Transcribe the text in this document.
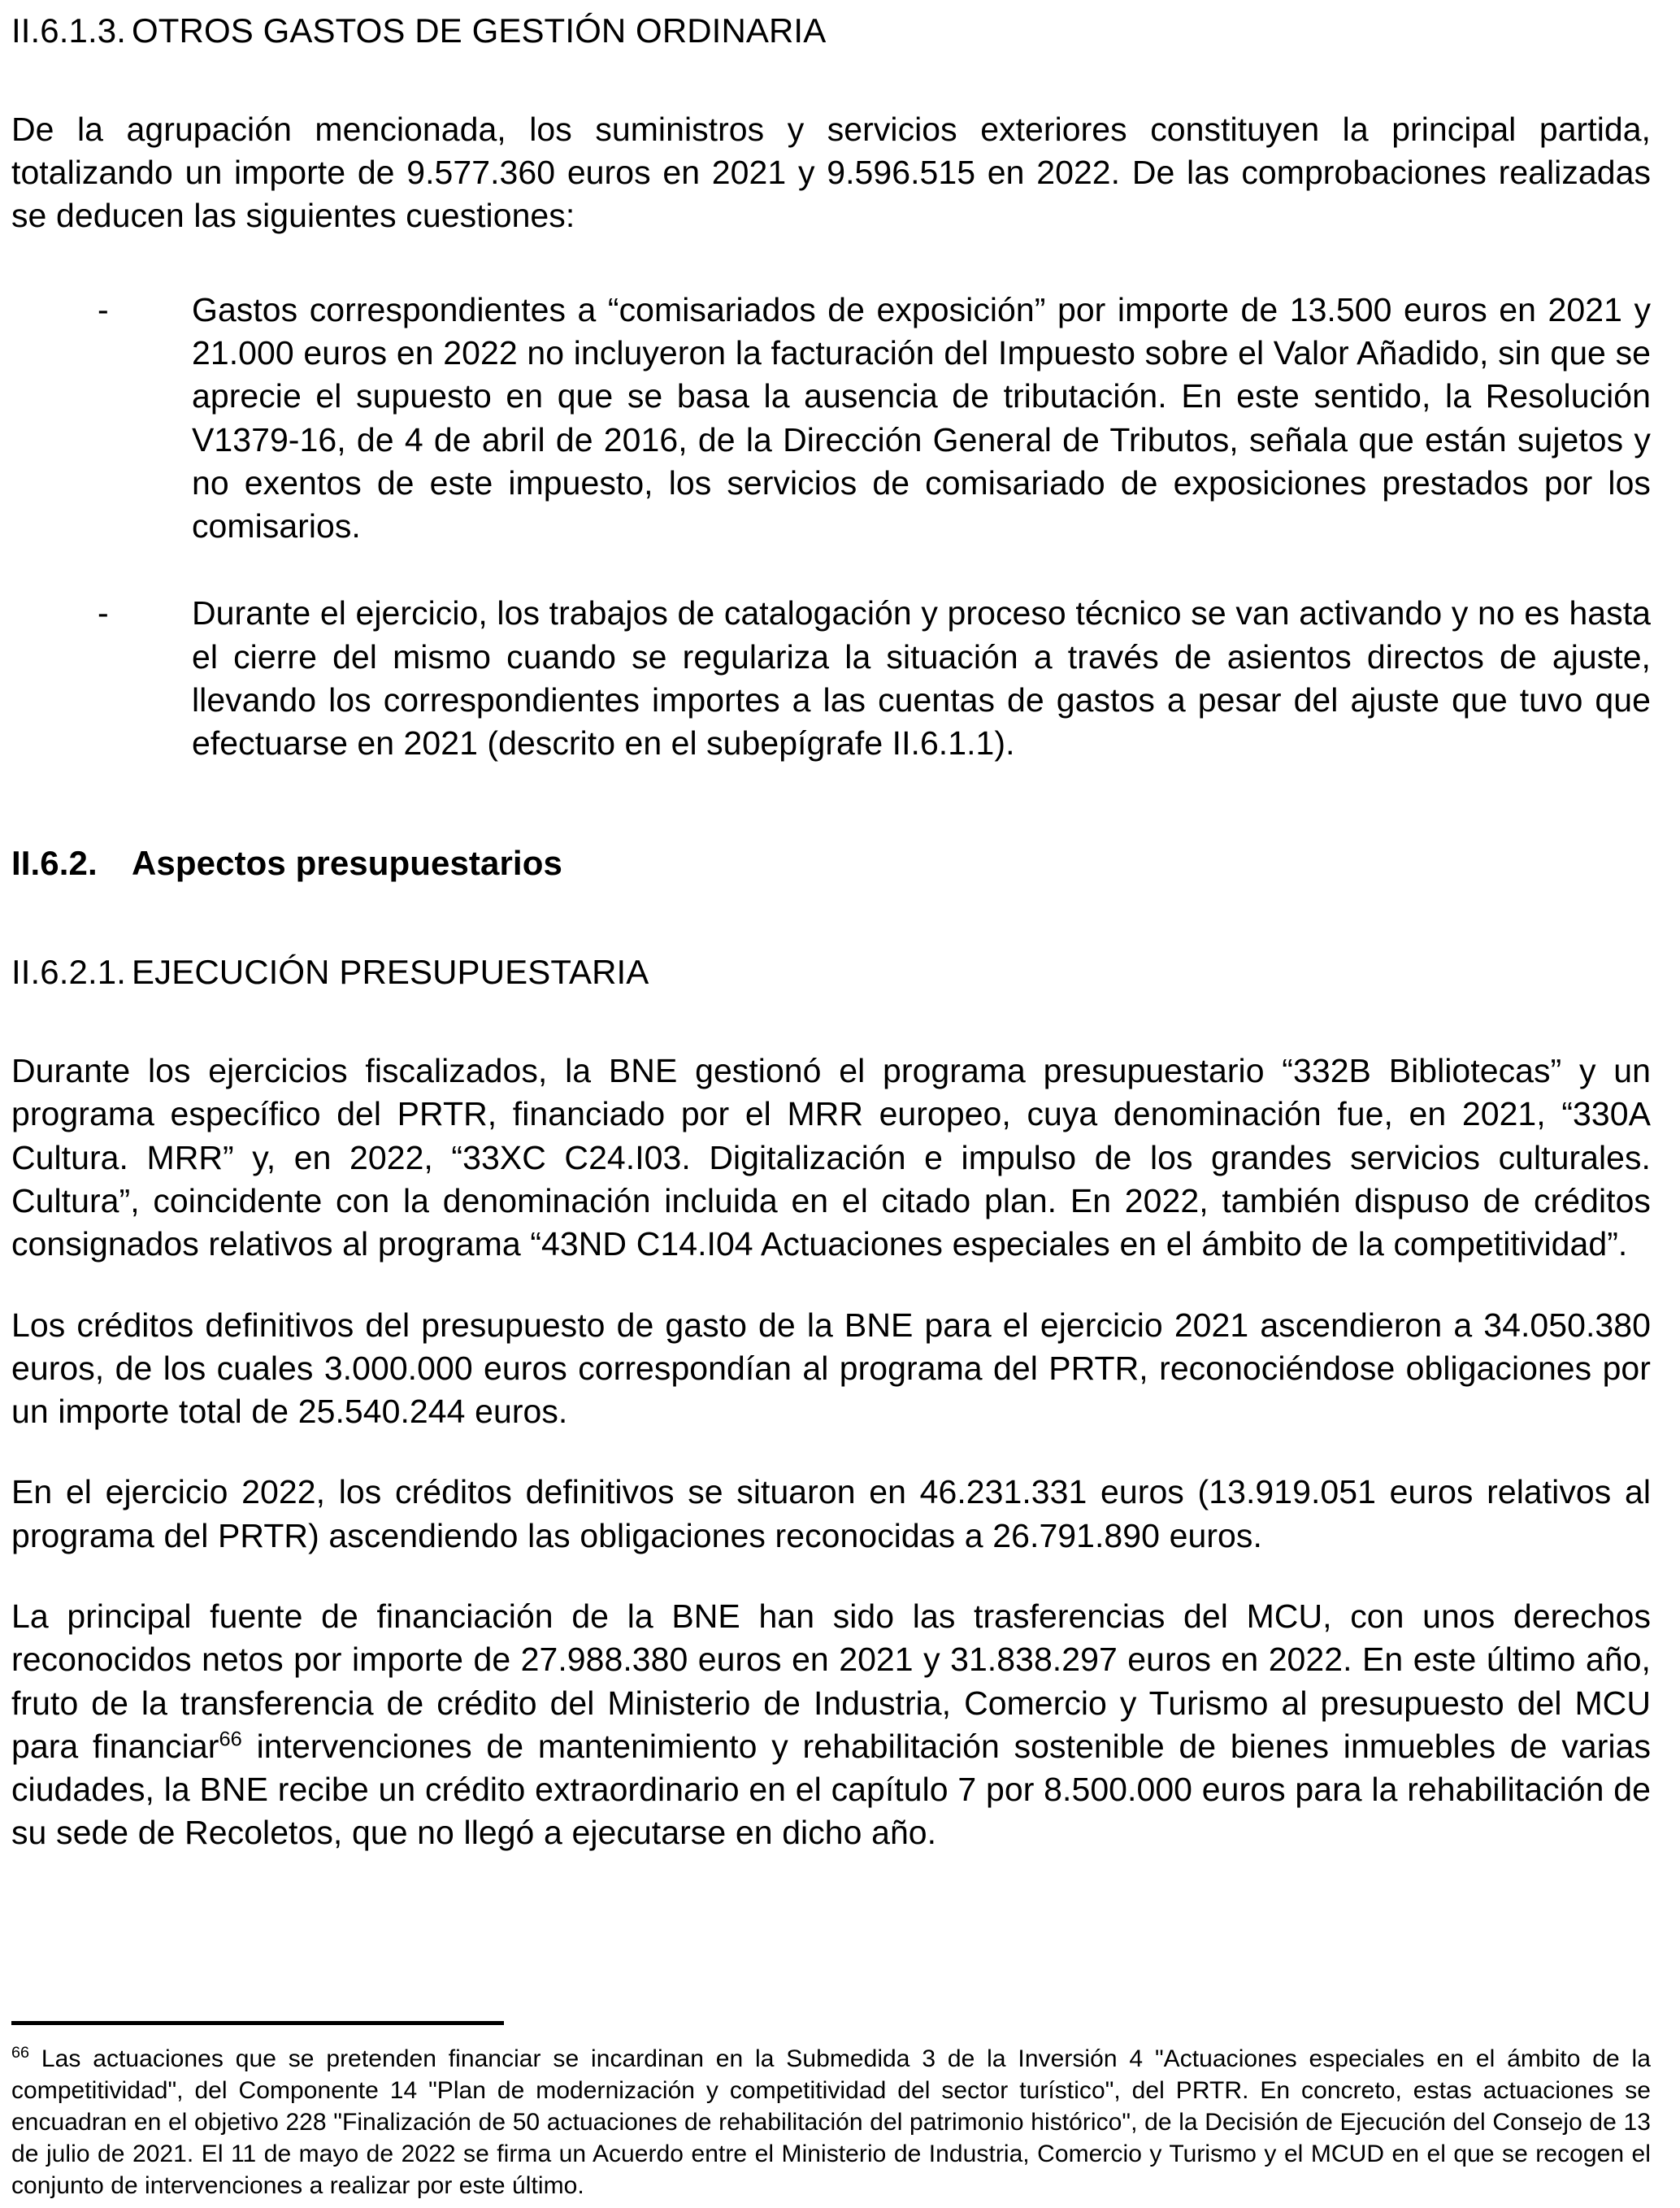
II.6.1.3. OTROS GASTOS DE GESTIÓN ORDINARIA

De la agrupación mencionada, los suministros y servicios exteriores constituyen la principal partida, totalizando un importe de 9.577.360 euros en 2021 y 9.596.515 en 2022. De las comprobaciones realizadas se deducen las siguientes cuestiones:

- Gastos correspondientes a “comisariados de exposición” por importe de 13.500 euros en 2021 y 21.000 euros en 2022 no incluyeron la facturación del Impuesto sobre el Valor Añadido, sin que se aprecie el supuesto en que se basa la ausencia de tributación. En este sentido, la Resolución V1379-16, de 4 de abril de 2016, de la Dirección General de Tributos, señala que están sujetos y no exentos de este impuesto, los servicios de comisariado de exposiciones prestados por los comisarios.
- Durante el ejercicio, los trabajos de catalogación y proceso técnico se van activando y no es hasta el cierre del mismo cuando se regulariza la situación a través de asientos directos de ajuste, llevando los correspondientes importes a las cuentas de gastos a pesar del ajuste que tuvo que efectuarse en 2021 (descrito en el subepígrafe II.6.1.1).
II.6.2. Aspectos presupuestarios
II.6.2.1. EJECUCIÓN PRESUPUESTARIA

Durante los ejercicios fiscalizados, la BNE gestionó el programa presupuestario “332B Bibliotecas” y un programa específico del PRTR, financiado por el MRR europeo, cuya denominación fue, en 2021, “330A Cultura. MRR” y, en 2022, “33XC C24.I03. Digitalización e impulso de los grandes servicios culturales. Cultura”, coincidente con la denominación incluida en el citado plan. En 2022, también dispuso de créditos consignados relativos al programa “43ND C14.I04 Actuaciones especiales en el ámbito de la competitividad”.

Los créditos definitivos del presupuesto de gasto de la BNE para el ejercicio 2021 ascendieron a 34.050.380 euros, de los cuales 3.000.000 euros correspondían al programa del PRTR, reconociéndose obligaciones por un importe total de 25.540.244 euros.

En el ejercicio 2022, los créditos definitivos se situaron en 46.231.331 euros (13.919.051 euros relativos al programa del PRTR) ascendiendo las obligaciones reconocidas a 26.791.890 euros.

La principal fuente de financiación de la BNE han sido las trasferencias del MCU, con unos derechos reconocidos netos por importe de 27.988.380 euros en 2021 y 31.838.297 euros en 2022. En este último año, fruto de la transferencia de crédito del Ministerio de Industria, Comercio y Turismo al presupuesto del MCU para financiar$^{66}$ intervenciones de mantenimiento y rehabilitación sostenible de bienes inmuebles de varias ciudades, la BNE recibe un crédito extraordinario en el capítulo 7 por 8.500.000 euros para la rehabilitación de su sede de Recoletos, que no llegó a ejecutarse en dicho año.

$^{66}$ Las actuaciones que se pretenden financiar se incardinan en la Submedida 3 de la Inversión 4 "Actuaciones especiales en el ámbito de la competitividad", del Componente 14 "Plan de modernización y competitividad del sector turístico", del PRTR. En concreto, estas actuaciones se encuadran en el objetivo 228 "Finalización de 50 actuaciones de rehabilitación del patrimonio histórico", de la Decisión de Ejecución del Consejo de 13 de julio de 2021. El 11 de mayo de 2022 se firma un Acuerdo entre el Ministerio de Industria, Comercio y Turismo y el MCUD en el que se recogen el conjunto de intervenciones a realizar por este último.
